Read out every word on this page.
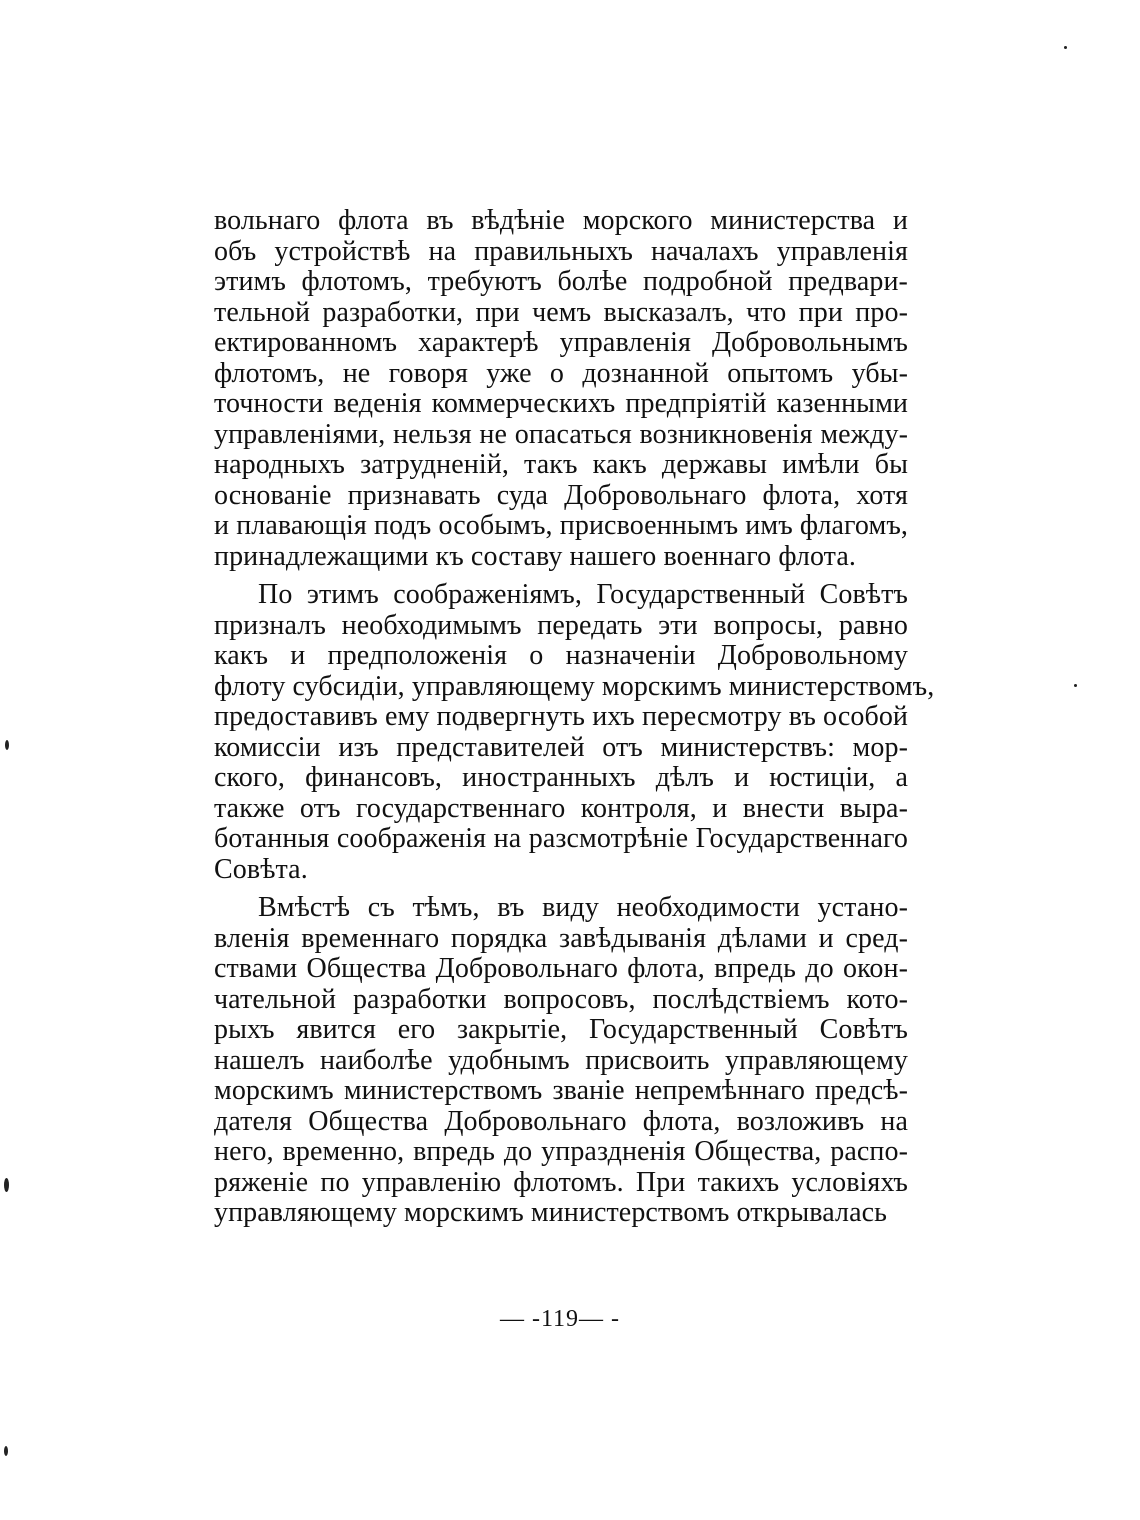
вольнаго флота въ вѣдѣніе морского министерства и
объ устройствѣ на правильныхъ началахъ управленія
этимъ флотомъ, требуютъ болѣе подробной предвари-
тельной разработки, при чемъ высказалъ, что при про-
ектированномъ характерѣ управленія Добровольнымъ
флотомъ, не говоря уже о дознанной опытомъ убы-
точности веденія коммерческихъ предпріятій казенными
управленіями, нельзя не опасаться возникновенія между-
народныхъ затрудненій, такъ какъ державы имѣли бы
основаніе признавать суда Добровольнаго флота, хотя
и плавающія подъ особымъ, присвоеннымъ имъ флагомъ,
принадлежащими къ составу нашего военнаго флота.
По этимъ соображеніямъ, Государственный Совѣтъ
призналъ необходимымъ передать эти вопросы, равно
какъ и предположенія о назначеніи Добровольному
флоту субсидіи, управляющему морскимъ министерствомъ,
предоставивъ ему подвергнуть ихъ пересмотру въ особой
комиссіи изъ представителей отъ министерствъ: мор-
ского, финансовъ, иностранныхъ дѣлъ и юстиціи, а
также отъ государственнаго контроля, и внести выра-
ботанныя соображенія на разсмотрѣніе Государственнаго
Совѣта.
Вмѣстѣ съ тѣмъ, въ виду необходимости устано-
вленія временнаго порядка завѣдыванія дѣлами и сред-
ствами Общества Добровольнаго флота, впредь до окон-
чательной разработки вопросовъ, послѣдствіемъ кото-
рыхъ явится его закрытіе, Государственный Совѣтъ
нашелъ наиболѣе удобнымъ присвоить управляющему
морскимъ министерствомъ званіе непремѣннаго предсѣ-
дателя Общества Добровольнаго флота, возложивъ на
него, временно, впредь до упраздненія Общества, распо-
ряженіе по управленію флотомъ. При такихъ условіяхъ
управляющему морскимъ министерствомъ открывалась
— -119— -
